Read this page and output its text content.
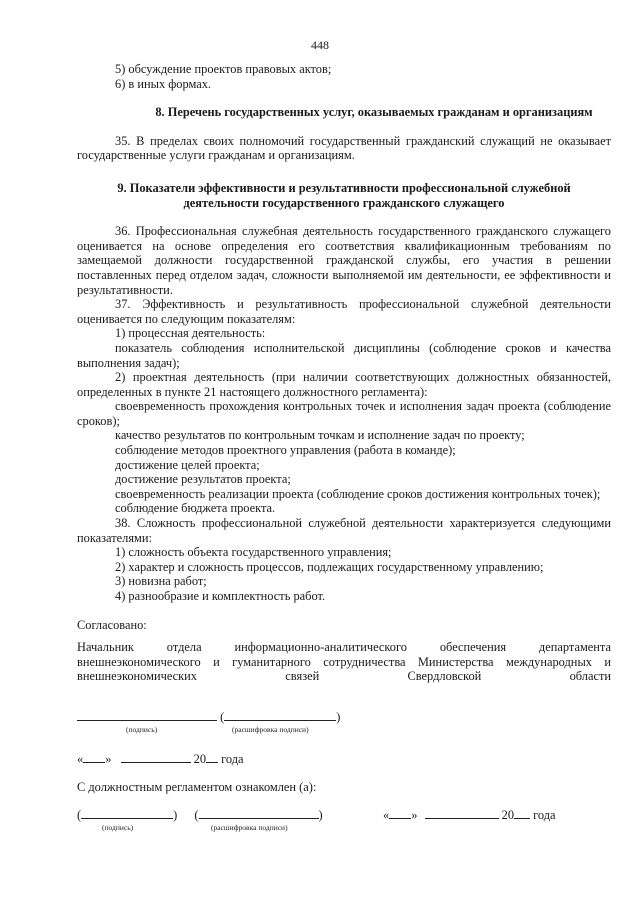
448

5) обсуждение проектов правовых актов;

6) в иных формах.

8. Перечень государственных услуг, оказываемых гражданам и организациям

35. В пределах своих полномочий государственный гражданский служащий не оказывает государственные услуги гражданам и организациям.

9. Показатели эффективности и результативности профессиональной служебной

деятельности государственного гражданского служащего

36. Профессиональная служебная деятельность государственного гражданского служащего оценивается на основе определения его соответствия квалификационным требованиям по замещаемой должности государственной гражданской службы, его участия в решении поставленных перед отделом задач, сложности выполняемой им деятельности, ее эффективности и результативности.

37. Эффективность и результативность профессиональной служебной деятельности оценивается по следующим показателям:

1) процессная деятельность:

показатель соблюдения исполнительской дисциплины (соблюдение сроков и качества выполнения задач);

2) проектная деятельность (при наличии соответствующих должностных обязанностей, определенных в пункте 21 настоящего должностного регламента):

своевременность прохождения контрольных точек и исполнения задач проекта (соблюдение сроков);

качество результатов по контрольным точкам и исполнение задач по проекту;

соблюдение методов проектного управления (работа в команде);

достижение целей проекта;

достижение результатов проекта;

своевременность реализации проекта (соблюдение сроков достижения контрольных точек);

соблюдение бюджета проекта.

38. Сложность профессиональной служебной деятельности характеризуется следующими показателями:

1) сложность объекта государственного управления;

2) характер и сложность процессов, подлежащих государственному управлению;

3) новизна работ;

4) разнообразие и комплектность работ.

Согласовано:

Начальник отдела информационно-аналитического обеспечения департамента внешнеэкономического и гуманитарного сотрудничества Министерства международных и внешнеэкономических связей Свердловской области

(	)
(подпись)	(расшифровка подписи)
« »	20 года
С должностным регламентом ознакомлен (а):
(	) (	)
(подпись)	(расшифровка подписи)
« »	20 года
